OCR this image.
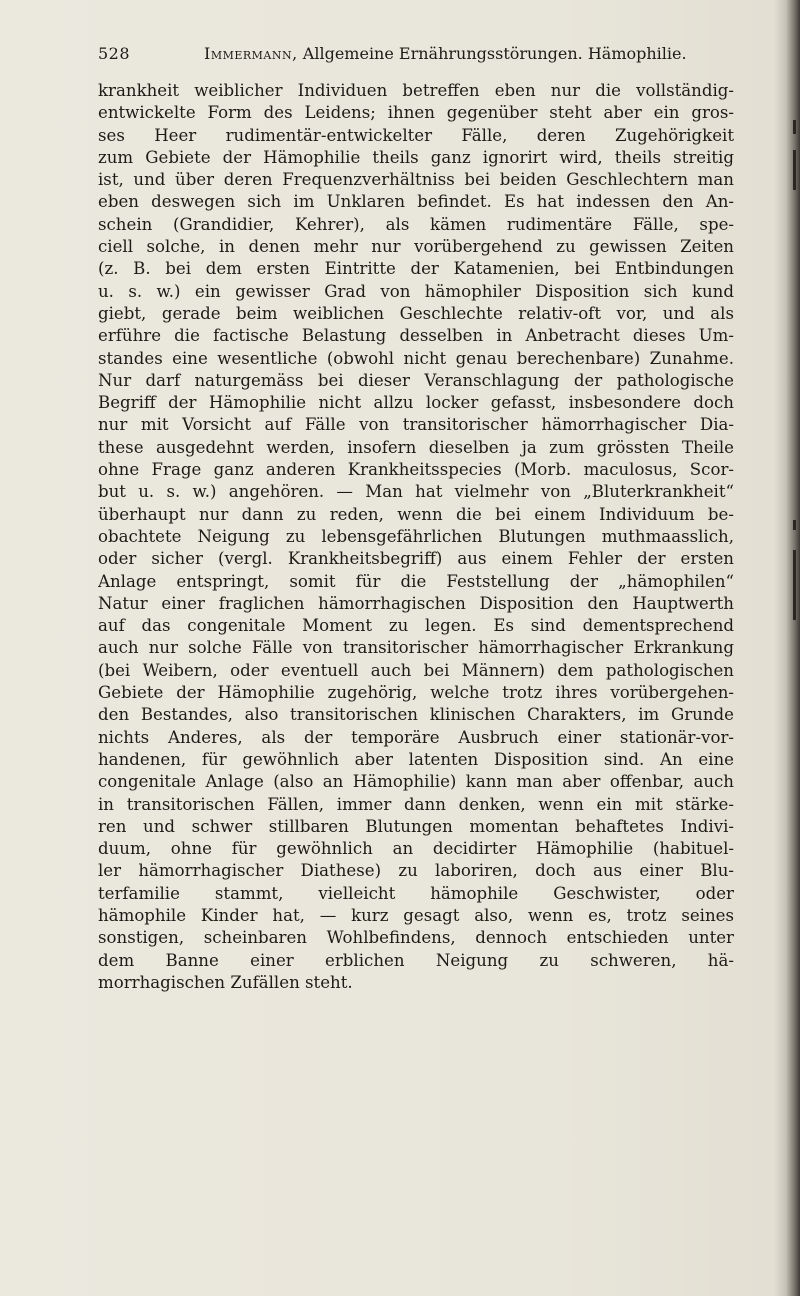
528	Immermann, Allgemeine Ernährungsstörungen. Hämophilie.
krankheit weiblicher Individuen betreffen eben nur die vollständig-
entwickelte Form des Leidens; ihnen gegenüber steht aber ein gros-
ses Heer rudimentär-entwickelter Fälle, deren Zugehörigkeit
zum Gebiete der Hämophilie theils ganz ignorirt wird, theils streitig
ist, und über deren Frequenzverhältniss bei beiden Geschlechtern man
eben deswegen sich im Unklaren befindet. Es hat indessen den An-
schein (Grandidier, Kehrer), als kämen rudimentäre Fälle, spe-
ciell solche, in denen mehr nur vorübergehend zu gewissen Zeiten
(z. B. bei dem ersten Eintritte der Katamenien, bei Entbindungen
u. s. w.) ein gewisser Grad von hämophiler Disposition sich kund
giebt, gerade beim weiblichen Geschlechte relativ-oft vor, und als
erführe die factische Belastung desselben in Anbetracht dieses Um-
standes eine wesentliche (obwohl nicht genau berechenbare) Zunahme.
Nur darf naturgemäss bei dieser Veranschlagung der pathologische
Begriff der Hämophilie nicht allzu locker gefasst, insbesondere doch
nur mit Vorsicht auf Fälle von transitorischer hämorrhagischer Dia-
these ausgedehnt werden, insofern dieselben ja zum grössten Theile
ohne Frage ganz anderen Krankheitsspecies (Morb. maculosus, Scor-
but u. s. w.) angehören. — Man hat vielmehr von „Bluterkrankheit“
überhaupt nur dann zu reden, wenn die bei einem Individuum be-
obachtete Neigung zu lebensgefährlichen Blutungen muthmaasslich,
oder sicher (vergl. Krankheitsbegriff) aus einem Fehler der ersten
Anlage entspringt, somit für die Feststellung der „hämophilen“
Natur einer fraglichen hämorrhagischen Disposition den Hauptwerth
auf das congenitale Moment zu legen. Es sind dementsprechend
auch nur solche Fälle von transitorischer hämorrhagischer Erkrankung
(bei Weibern, oder eventuell auch bei Männern) dem pathologischen
Gebiete der Hämophilie zugehörig, welche trotz ihres vorübergehen-
den Bestandes, also transitorischen klinischen Charakters, im Grunde
nichts Anderes, als der temporäre Ausbruch einer stationär-vor-
handenen, für gewöhnlich aber latenten Disposition sind. An eine
congenitale Anlage (also an Hämophilie) kann man aber offenbar, auch
in transitorischen Fällen, immer dann denken, wenn ein mit stärke-
ren und schwer stillbaren Blutungen momentan behaftetes Indivi-
duum, ohne für gewöhnlich an decidirter Hämophilie (habituel-
ler hämorrhagischer Diathese) zu laboriren, doch aus einer Blu-
terfamilie stammt, vielleicht hämophile Geschwister, oder
hämophile Kinder hat, — kurz gesagt also, wenn es, trotz seines
sonstigen, scheinbaren Wohlbefindens, dennoch entschieden unter
dem Banne einer erblichen Neigung zu schweren, hä-
morrhagischen Zufällen steht.
